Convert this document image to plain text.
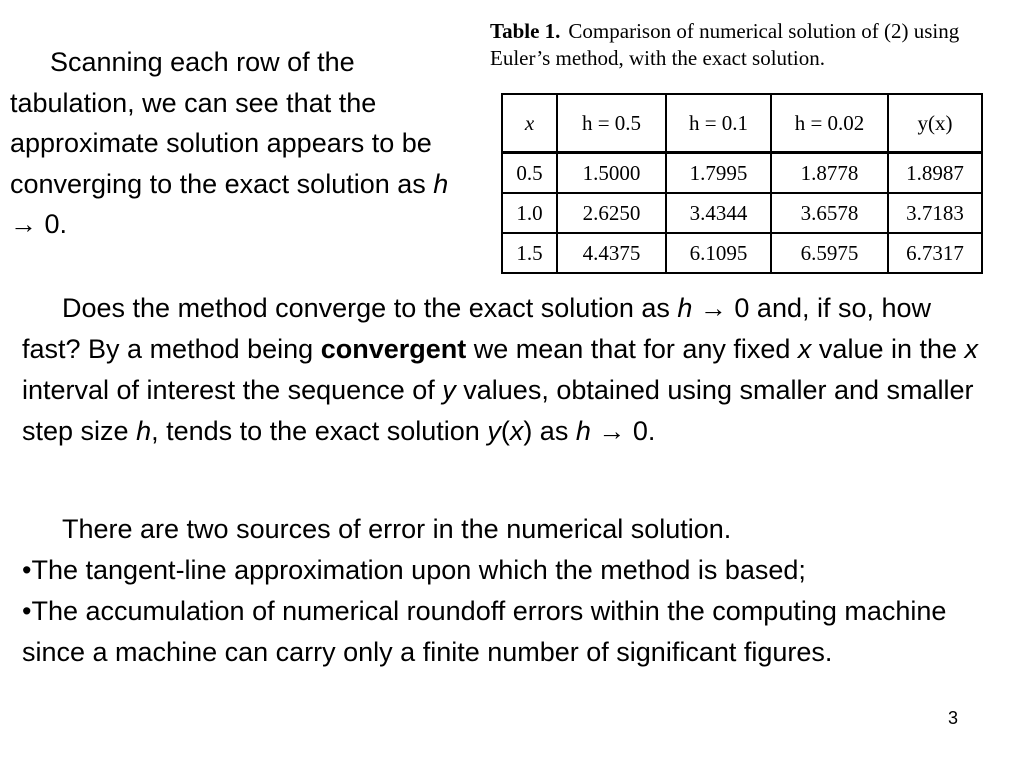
Scanning each row of the tabulation, we can see that the approximate solution appears to be converging to the exact solution as h → 0.

Table 1. Comparison of numerical solution of (2) using Euler’s method, with the exact solution.
x	h = 0.5	h = 0.1	h = 0.02	y(x)
0.5	1.5000	1.7995	1.8778	1.8987
1.0	2.6250	3.4344	3.6578	3.7183
1.5	4.4375	6.1095	6.5975	6.7317

Does the method converge to the exact solution as h → 0 and, if so, how fast? By a method being convergent we mean that for any fixed x value in the x interval of interest the sequence of y values, obtained using smaller and smaller step size h, tends to the exact solution y(x) as h → 0.

There are two sources of error in the numerical solution.
•The tangent-line approximation upon which the method is based;
•The accumulation of numerical roundoff errors within the computing machine since a machine can carry only a finite number of significant figures.
3
